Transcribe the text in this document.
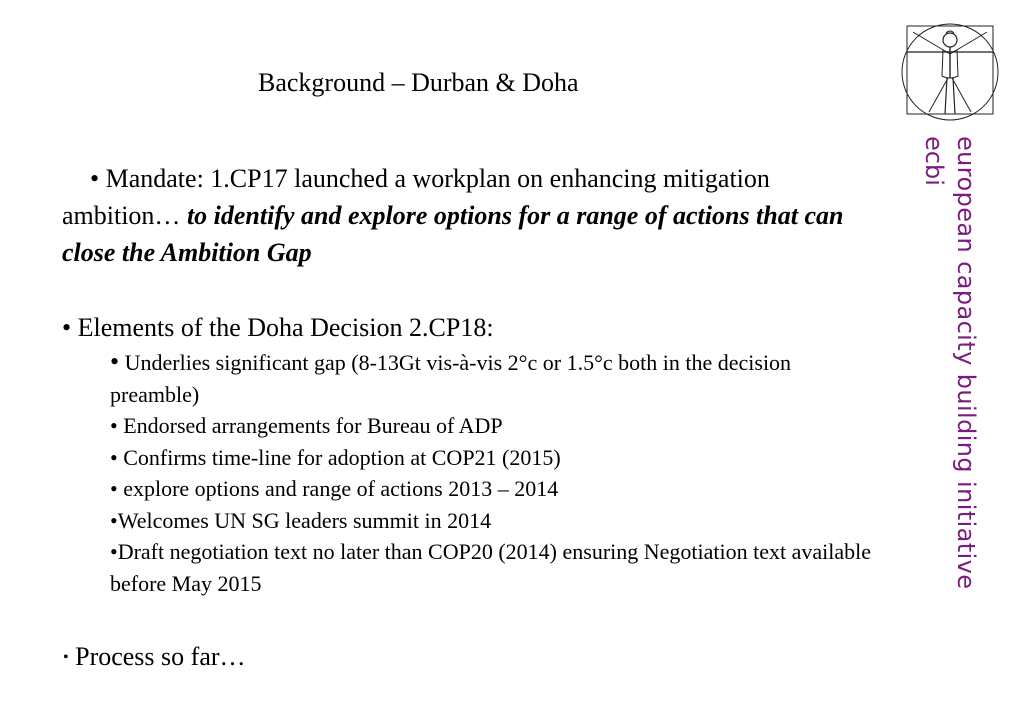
Background – Durban & Doha

• Mandate: 1.CP17 launched a workplan on enhancing mitigation ambition… to identify and explore options for a range of actions that can close the Ambition Gap

• Elements of the Doha Decision 2.CP18:

• Underlies significant gap (8-13Gt vis-à-vis 2°c or 1.5°c both in the decision preamble)

• Endorsed arrangements for Bureau of ADP

• Confirms time-line for adoption at COP21 (2015)

• explore options and range of actions 2013 – 2014

•Welcomes UN SG leaders summit in 2014

•Draft negotiation text no later than COP20 (2014) ensuring Negotiation text available before May 2015

• Process so far…
european capacity building initiative
ecbi
